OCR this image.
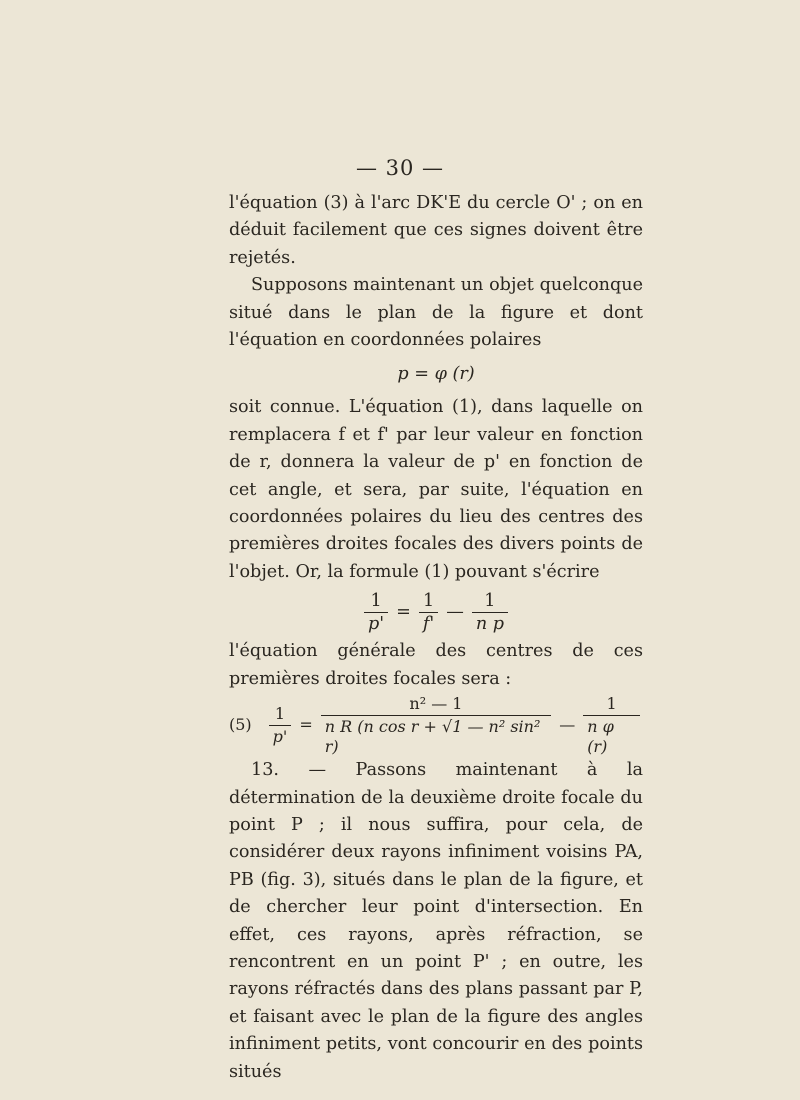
— 30 —

l'équation (3) à l'arc DK'E du cercle O' ; on en déduit facilement que ces signes doivent être rejetés.

Supposons maintenant un objet quelconque situé dans le plan de la figure et dont l'équation en coordonnées polaires

p = φ (r)

soit connue. L'équation (1), dans laquelle on remplacera f et f' par leur valeur en fonction de r, donnera la valeur de p' en fonction de cet angle, et sera, par suite, l'équation en coordonnées polaires du lieu des centres des premières droites focales des divers points de l'objet. Or, la formule (1) pouvant s'écrire

$\frac{1}{p'} = \frac{1}{f'}$ — $\frac{1}{\text{n p}}$

l'équation générale des centres de ces premières droites focales sera :

$(5) \frac{1}{p'} = \frac{\text{n² — 1}}{\text{n R (n cos r + √1 — n² sin² r)}}$ — $\frac{1}{\text{n φ (r)}}$

13. — Passons maintenant à la détermination de la deuxième droite focale du point P ; il nous suffira, pour cela, de considérer deux rayons infiniment voisins PA, PB (fig. 3), situés dans le plan de la figure, et de chercher leur point d'intersection. En effet, ces rayons, après réfraction, se rencontrent en un point P' ; en outre, les rayons réfractés dans des plans passant par P, et faisant avec le plan de la figure des angles infiniment petits, vont concourir en des points situés
